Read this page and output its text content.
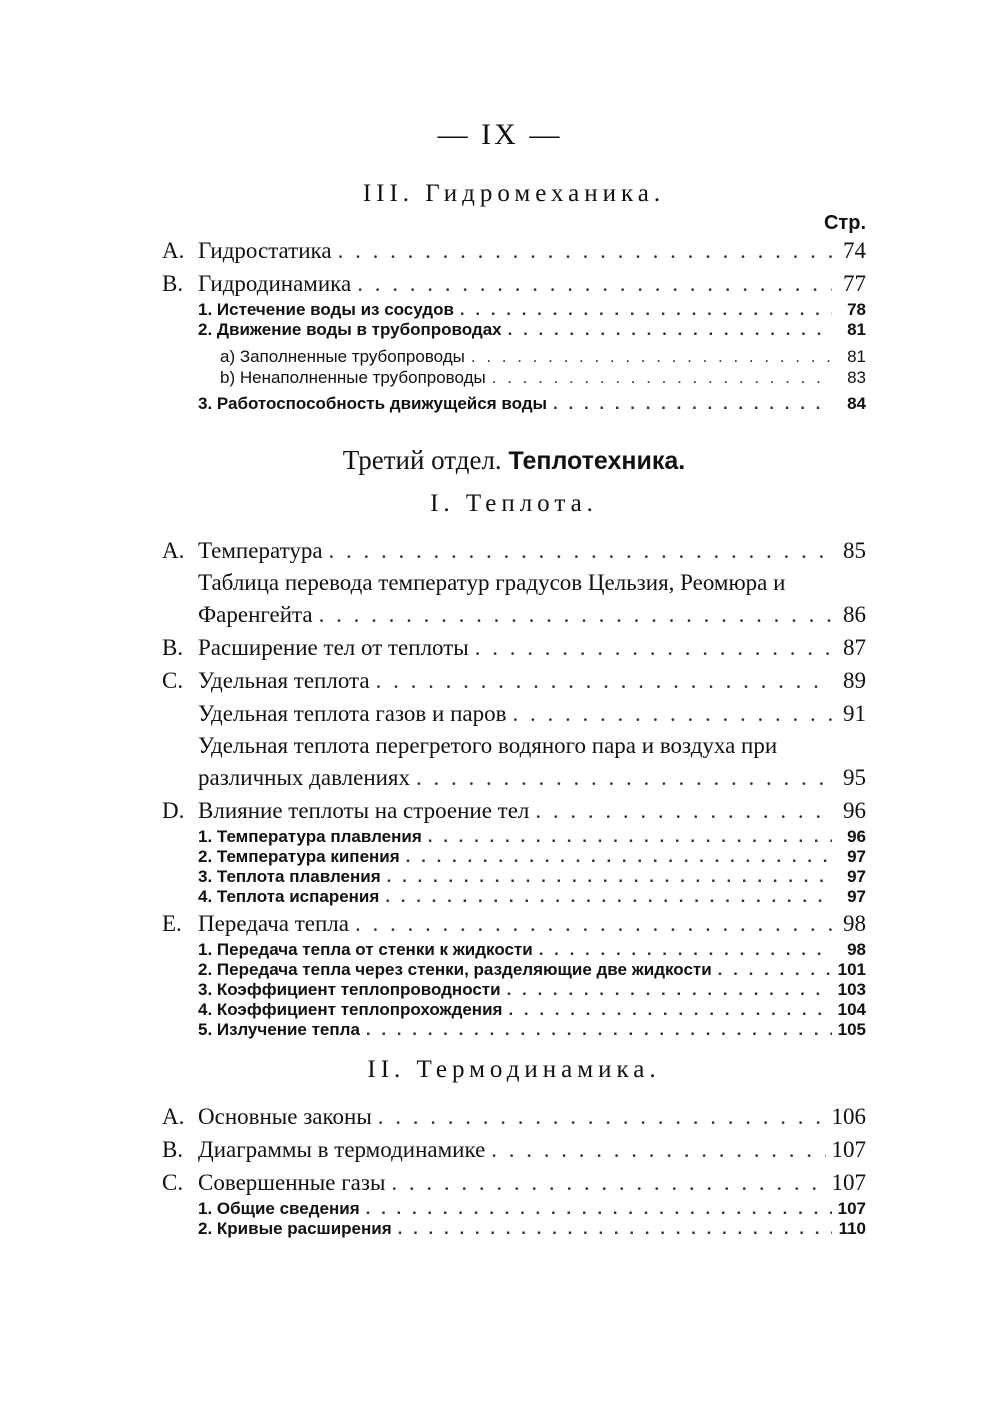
— IX —
III. Гидромеханика.
Стр.
A. Гидростатика . . .	74
B. Гидродинамика . . .	77
1. Истечение воды из сосудов . . .	78
2. Движение воды в трубопроводах . . .	81
a) Заполненные трубопроводы . . .	81
b) Ненаполненные трубопроводы . . .	83
3. Работоспособность движущейся воды . . .	84
Третий отдел. Теплотехника.
I. Теплота.
A. Температура . . .	85
Таблица перевода температур градусов Цельзия, Реомюра и
Фаренгейта . . .	86
B. Расширение тел от теплоты . . .	87
C. Удельная теплота . . .	89
Удельная теплота газов и паров . . .	91
Удельная теплота перегретого водяного пара и воздуха при
различных давлениях . . .	95
D. Влияние теплоты на строение тел . . .	96
1. Температура плавления . . .	96
2. Температура кипения . . .	97
3. Теплота плавления . . .	97
4. Теплота испарения . . .	97
E. Передача тепла . . .	98
1. Передача тепла от стенки к жидкости . . .	98
2. Передача тепла через стенки, разделяющие две жидкости . . .	101
3. Коэффициент теплопроводности . . .	103
4. Коэффициент теплопрохождения . . .	104
5. Излучение тепла . . .	105
II. Термодинамика.
A. Основные законы . . .	106
B. Диаграммы в термодинамике . . .	107
C. Совершенные газы . . .	107
1. Общие сведения . . .	107
2. Кривые расширения . . .	110
